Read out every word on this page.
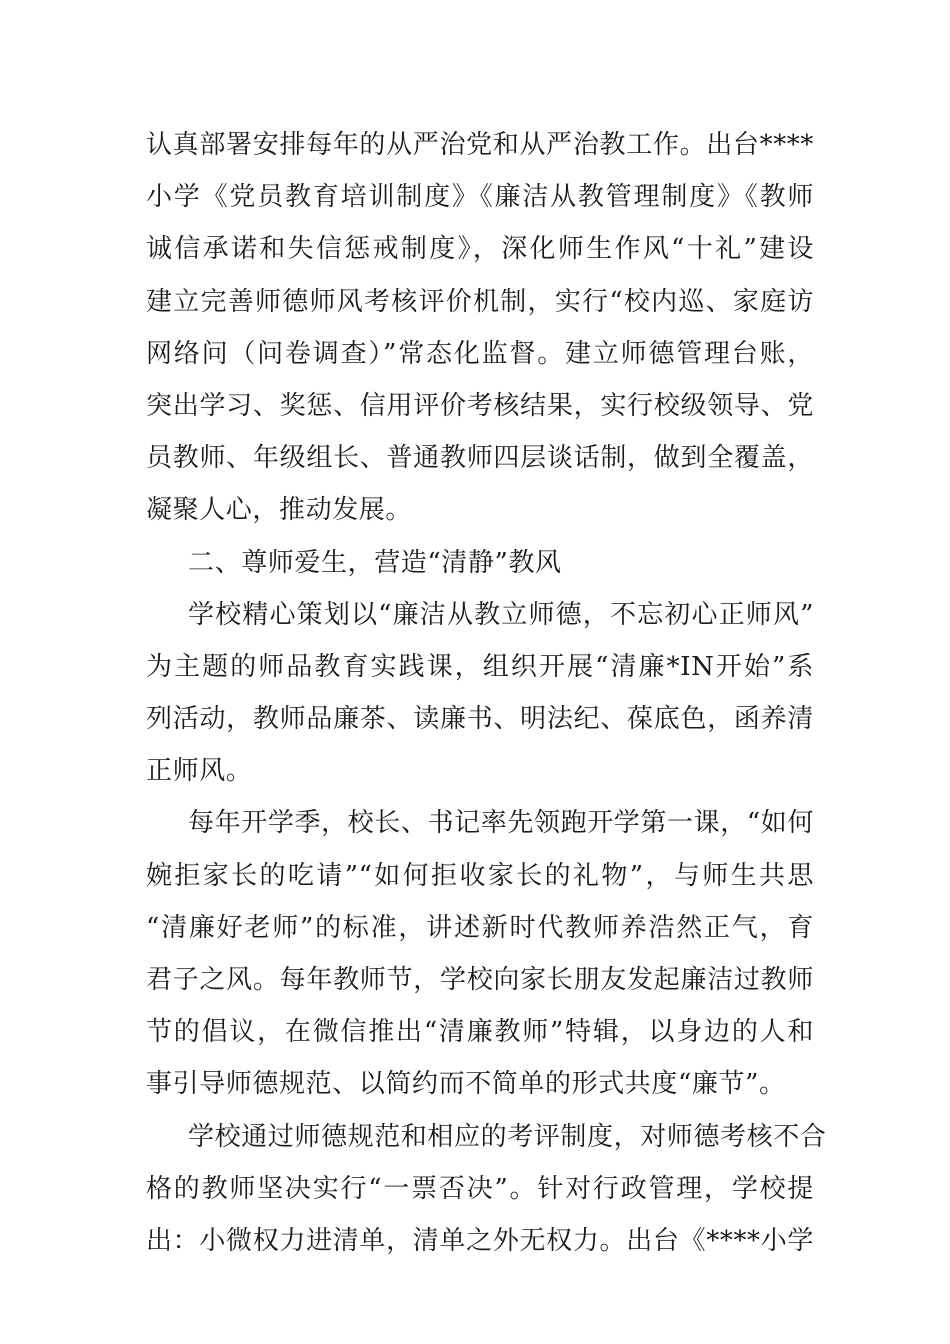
认真部署安排每年的从严治党和从严治教工作。出台****
小学《党员教育培训制度》《廉洁从教管理制度》《教师
诚信承诺和失信惩戒制度》，深化师生作风“十礼”建设
建立完善师德师风考核评价机制，实行“校内巡、家庭访
网络问（问卷调查）”常态化监督。建立师德管理台账，
突出学习、奖惩、信用评价考核结果，实行校级领导、党
员教师、年级组长、普通教师四层谈话制，做到全覆盖，
凝聚人心，推动发展。
二、尊师爱生，营造“清静”教风
学校精心策划以“廉洁从教立师德，不忘初心正师风”
为主题的师品教育实践课，组织开展“清廉*IN开始”系
列活动，教师品廉茶、读廉书、明法纪、葆底色，函养清
正师风。
每年开学季，校长、书记率先领跑开学第一课，“如何
婉拒家长的吃请”“如何拒收家长的礼物”，与师生共思
“清廉好老师”的标准，讲述新时代教师养浩然正气，育
君子之风。每年教师节，学校向家长朋友发起廉洁过教师
节的倡议，在微信推出“清廉教师”特辑，以身边的人和
事引导师德规范、以简约而不简单的形式共度“廉节”。
学校通过师德规范和相应的考评制度，对师德考核不合
格的教师坚决实行“一票否决”。针对行政管理，学校提
出：小微权力进清单，清单之外无权力。出台《****小学
